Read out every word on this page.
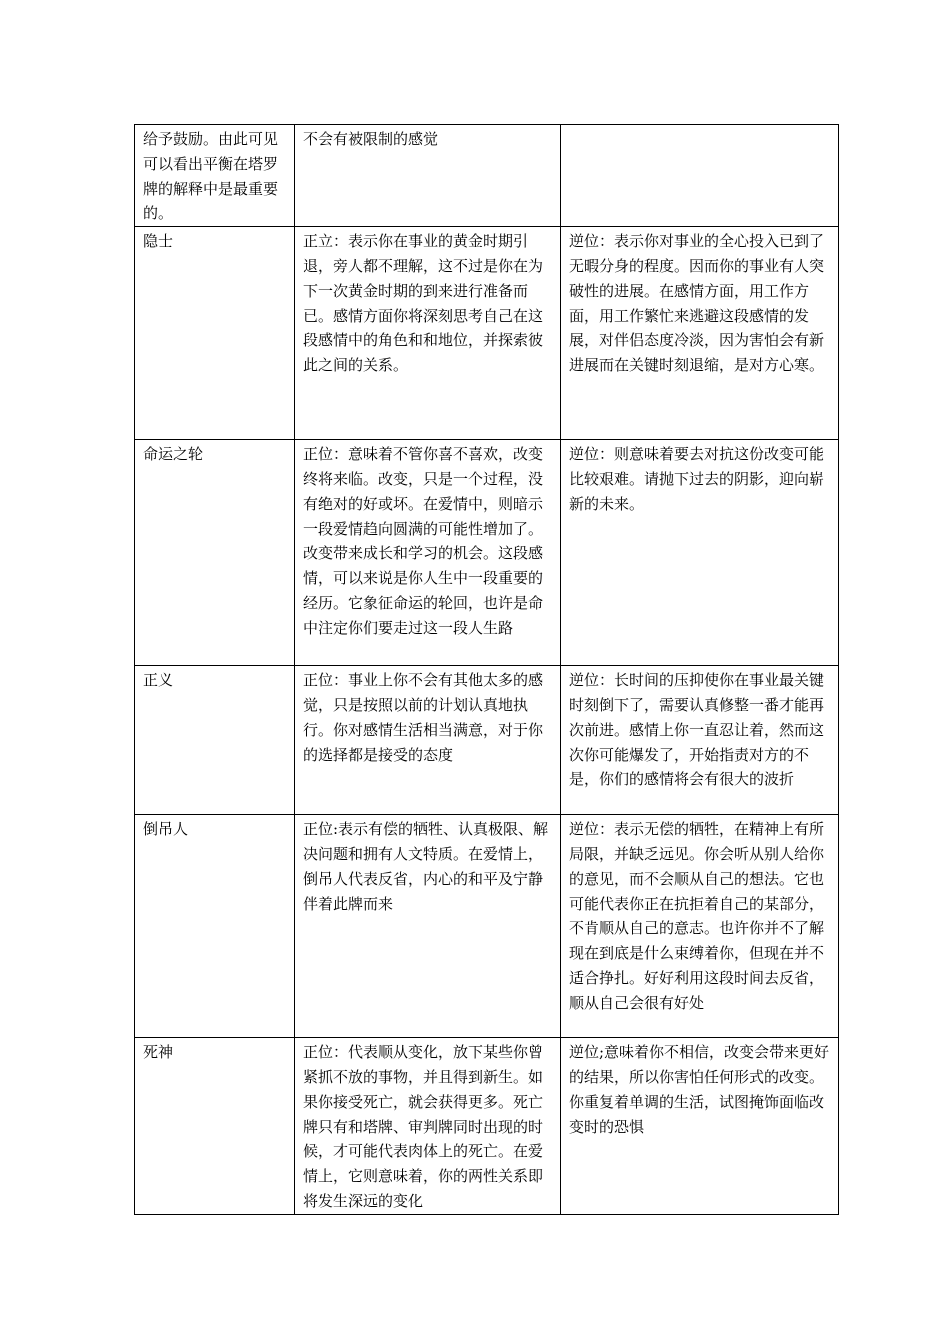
给予鼓励。由此可见可以看出平衡在塔罗牌的解释中是最重要的。	不会有被限制的感觉	
隐士	正立：表示你在事业的黄金时期引退，旁人都不理解，这不过是你在为下一次黄金时期的到来进行准备而已。感情方面你将深刻思考自己在这段感情中的角色和和地位，并探索彼此之间的关系。	逆位：表示你对事业的全心投入已到了无暇分身的程度。因而你的事业有人突破性的进展。在感情方面，用工作方面，用工作繁忙来逃避这段感情的发展，对伴侣态度冷淡，因为害怕会有新进展而在关键时刻退缩，是对方心寒。
命运之轮	正位：意味着不管你喜不喜欢，改变终将来临。改变，只是一个过程，没有绝对的好或坏。在爱情中，则暗示一段爱情趋向圆满的可能性增加了。改变带来成长和学习的机会。这段感情，可以来说是你人生中一段重要的经历。它象征命运的轮回，也许是命中注定你们要走过这一段人生路	逆位：则意味着要去对抗这份改变可能比较艰难。请抛下过去的阴影，迎向崭新的未来。
正义	正位：事业上你不会有其他太多的感觉，只是按照以前的计划认真地执行。你对感情生活相当满意，对于你的选择都是接受的态度	逆位：长时间的压抑使你在事业最关键时刻倒下了，需要认真修整一番才能再次前进。感情上你一直忍让着，然而这次你可能爆发了，开始指责对方的不是，你们的感情将会有很大的波折
倒吊人	正位:表示有偿的牺牲、认真极限、解决问题和拥有人文特质。在爱情上，倒吊人代表反省，内心的和平及宁静伴着此牌而来	逆位：表示无偿的牺牲，在精神上有所局限，并缺乏远见。你会听从别人给你的意见，而不会顺从自己的想法。它也可能代表你正在抗拒着自己的某部分，不肯顺从自己的意志。也许你并不了解现在到底是什么束缚着你，但现在并不适合挣扎。好好利用这段时间去反省，顺从自己会很有好处
死神	正位：代表顺从变化，放下某些你曾紧抓不放的事物，并且得到新生。如果你接受死亡，就会获得更多。死亡牌只有和塔牌、审判牌同时出现的时候，才可能代表肉体上的死亡。在爱情上，它则意味着，你的两性关系即将发生深远的变化	逆位;意味着你不相信，改变会带来更好的结果，所以你害怕任何形式的改变。你重复着单调的生活，试图掩饰面临改变时的恐惧
